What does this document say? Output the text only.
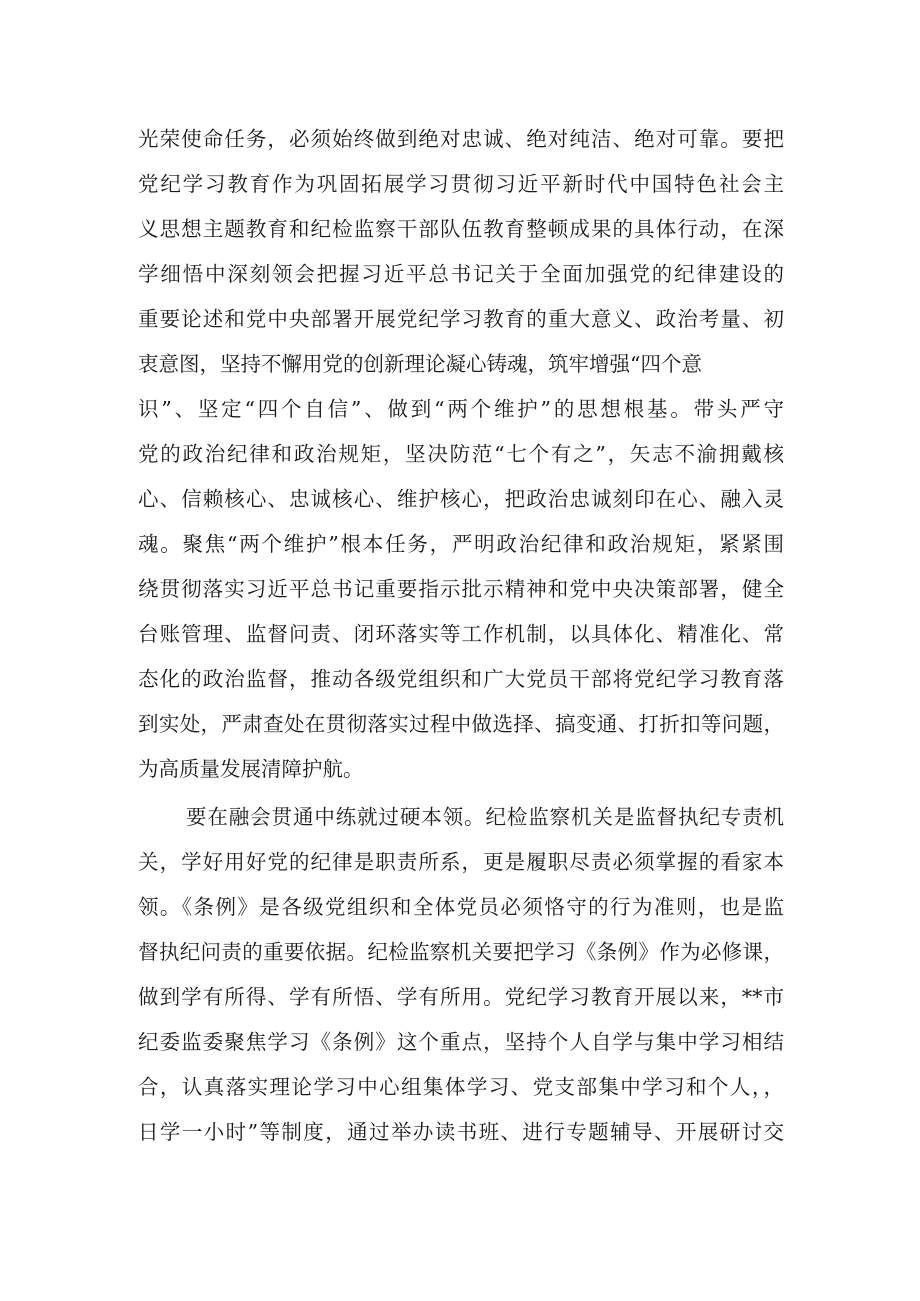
光荣使命任务，必须始终做到绝对忠诚、绝对纯洁、绝对可靠。要把
党纪学习教育作为巩固拓展学习贯彻习近平新时代中国特色社会主
义思想主题教育和纪检监察干部队伍教育整顿成果的具体行动，在深
学细悟中深刻领会把握习近平总书记关于全面加强党的纪律建设的
重要论述和党中央部署开展党纪学习教育的重大意义、政治考量、初
衷意图，坚持不懈用党的创新理论凝心铸魂，筑牢增强“四个意
识”、坚定“四个自信”、做到“两个维护”的思想根基。带头严守
党的政治纪律和政治规矩，坚决防范“七个有之”，矢志不渝拥戴核
心、信赖核心、忠诚核心、维护核心，把政治忠诚刻印在心、融入灵
魂。聚焦“两个维护”根本任务，严明政治纪律和政治规矩，紧紧围
绕贯彻落实习近平总书记重要指示批示精神和党中央决策部署，健全
台账管理、监督问责、闭环落实等工作机制，以具体化、精准化、常
态化的政治监督，推动各级党组织和广大党员干部将党纪学习教育落
到实处，严肃查处在贯彻落实过程中做选择、搞变通、打折扣等问题，
为高质量发展清障护航。
要在融会贯通中练就过硬本领。纪检监察机关是监督执纪专责机
关，学好用好党的纪律是职责所系，更是履职尽责必须掌握的看家本
领。《条例》是各级党组织和全体党员必须恪守的行为准则，也是监
督执纪问责的重要依据。纪检监察机关要把学习《条例》作为必修课，
做到学有所得、学有所悟、学有所用。党纪学习教育开展以来，**市
纪委监委聚焦学习《条例》这个重点，坚持个人自学与集中学习相结
合，认真落实理论学习中心组集体学习、党支部集中学习和个人，，
日学一小时”等制度，通过举办读书班、进行专题辅导、开展研讨交
